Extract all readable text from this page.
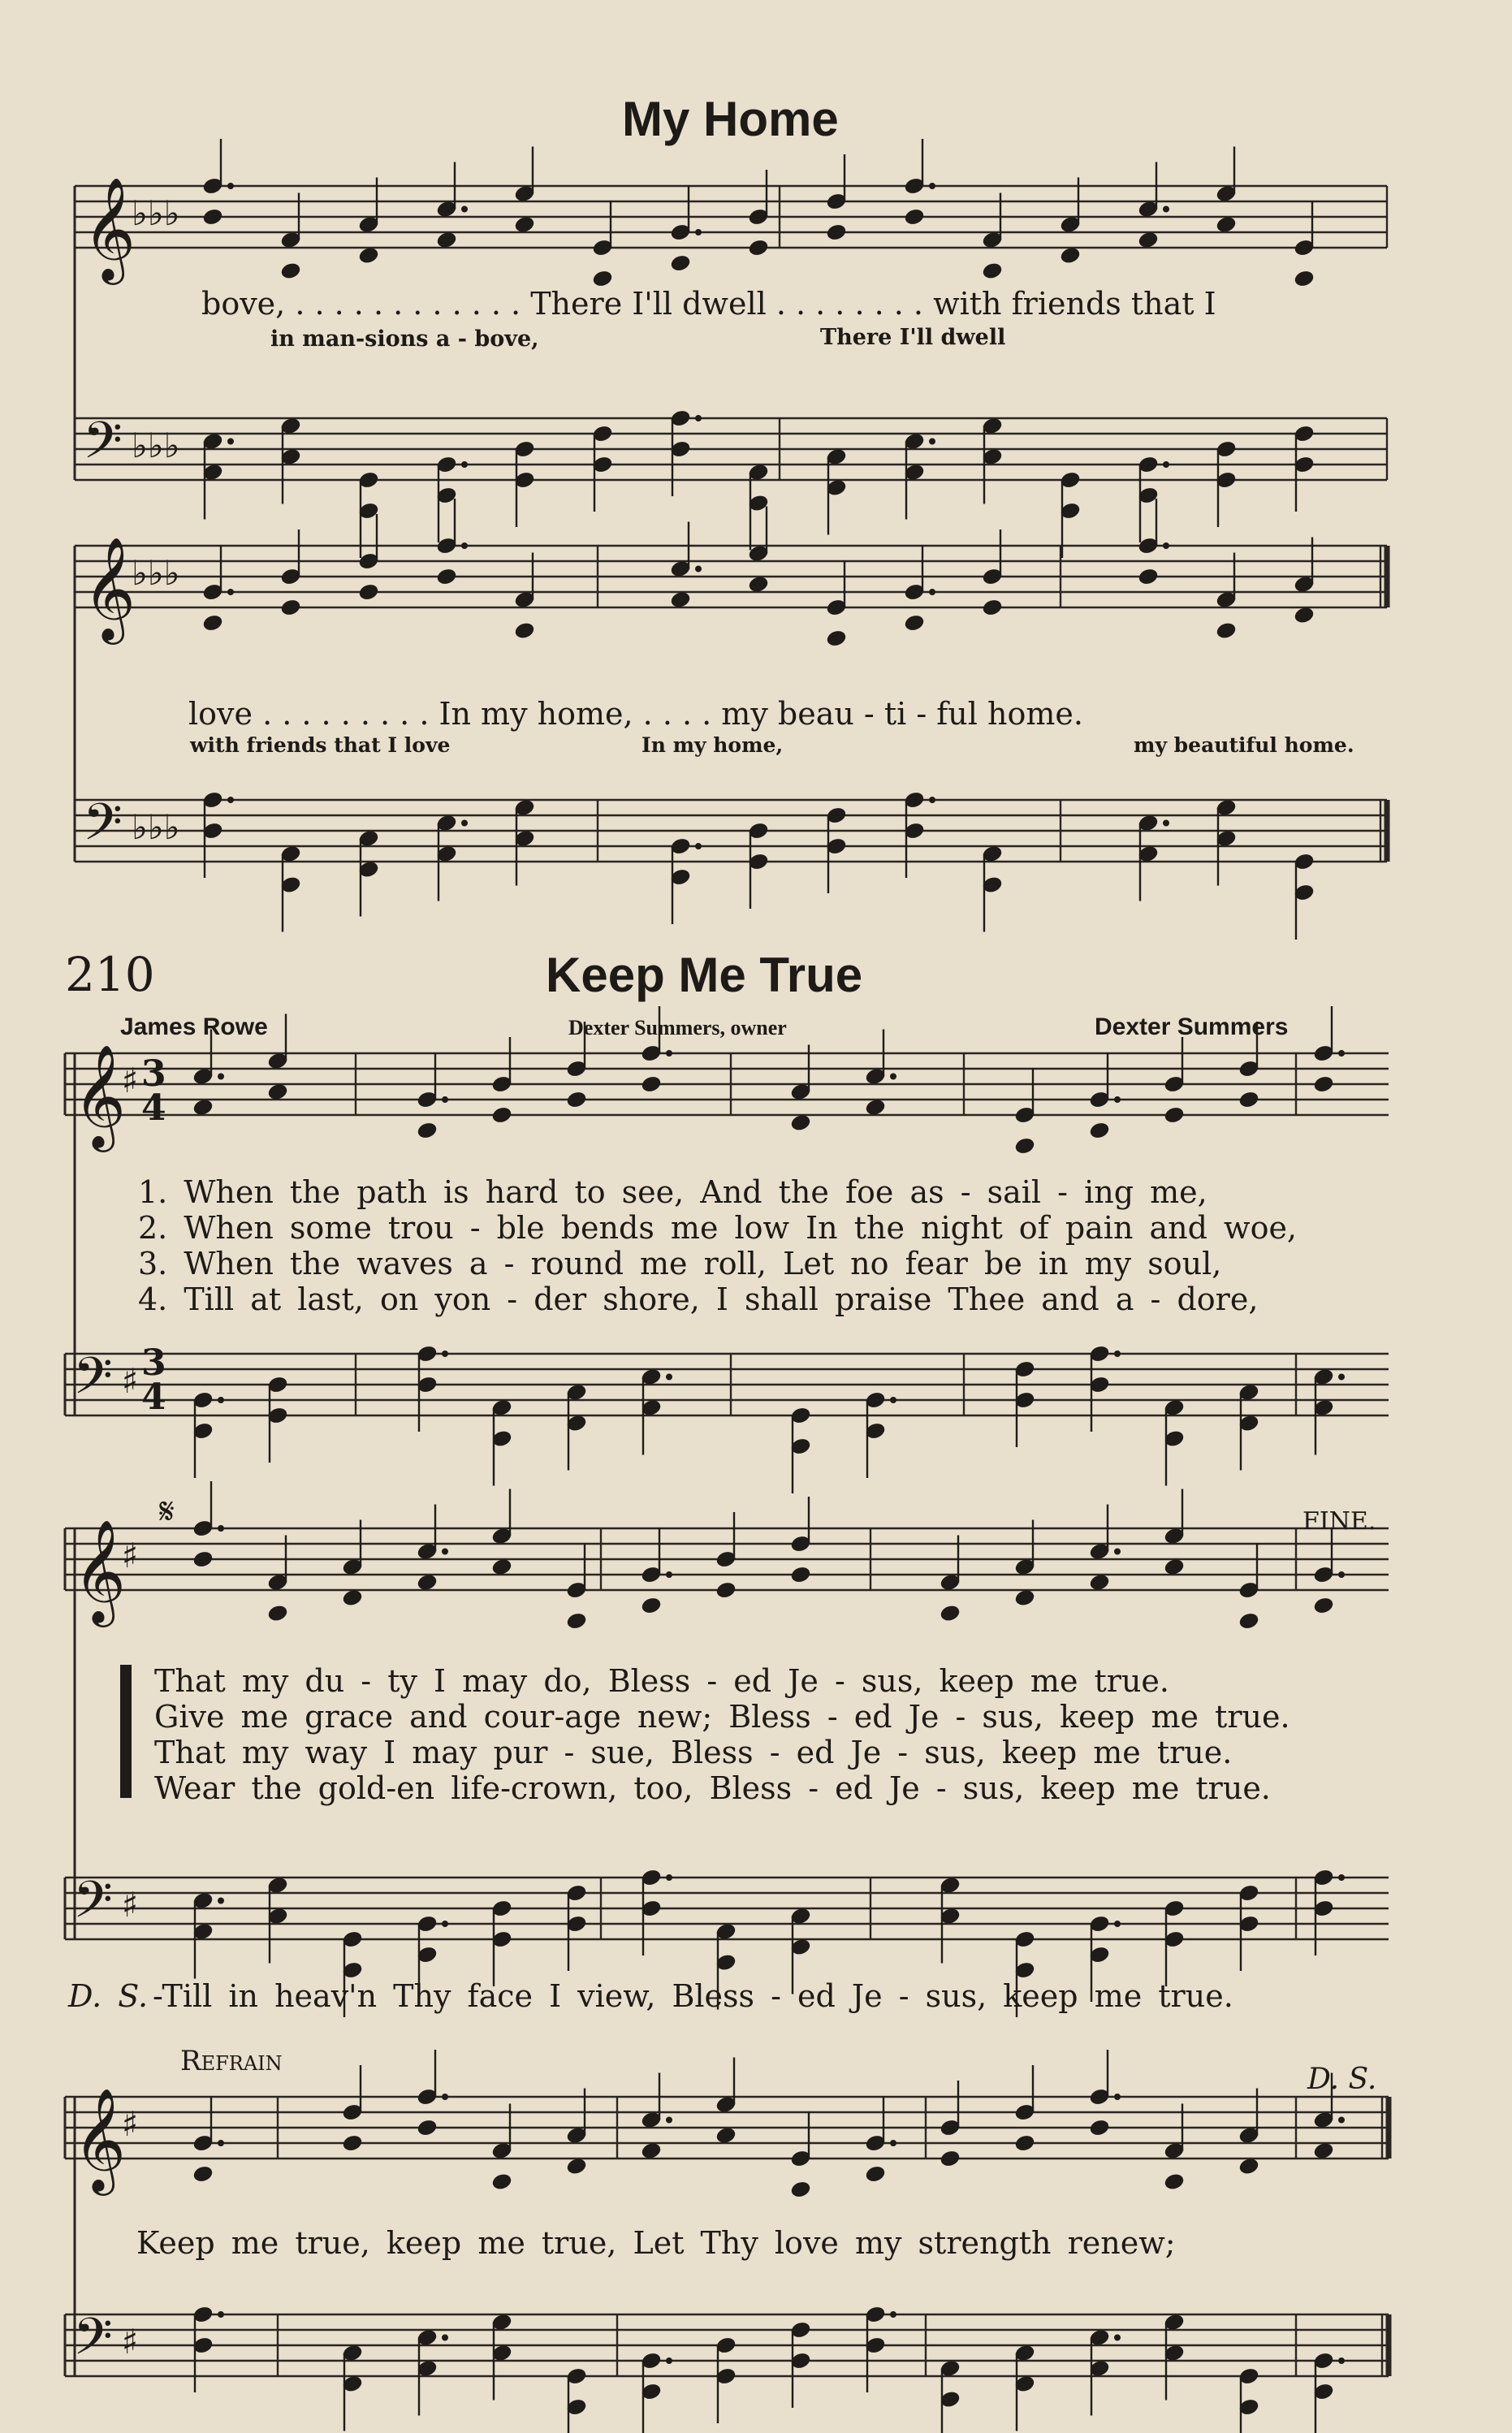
𝄞
♭♭♭
𝄢 ♭♭♭
𝄞
♭♭♭
𝄢 ♭♭♭
𝄞
♯
𝄢 ♯
𝄞
♯
𝄢 ♯
𝄞
♯
𝄢 ♯
My Home
bove, . . . . . . . . . . . . There I'll dwell . . . . . . . . with friends that I
in man-sions a - bove,	There I'll dwell
love . . . . . . . . . In my home, . . . . my beau - ti - ful home.
with friends that I love	In my home,	my beautiful home.
210	Keep Me True
James Rowe	Dexter Summers, owner	Dexter Summers
3
4
3
4
1. When the path is hard to see, And the foe as - sail - ing me,
2. When some trou - ble bends me low In the night of pain and woe,
3. When the waves a - round me roll, Let no fear be in my soul,
4. Till at last, on yon - der shore, I shall praise Thee and a - dore,
𝄋	FINE.
That my du - ty I may do, Bless - ed Je - sus, keep me true.
Give me grace and cour-age new; Bless - ed Je - sus, keep me true.
That my way I may pur - sue, Bless - ed Je - sus, keep me true.
Wear the gold-en life-crown, too, Bless - ed Je - sus, keep me true.
D. S. -Till in heav'n Thy face I view, Bless - ed Je - sus, keep me true.
Refrain
D. S.
Keep me true, keep me true, Let Thy love my strength renew;
